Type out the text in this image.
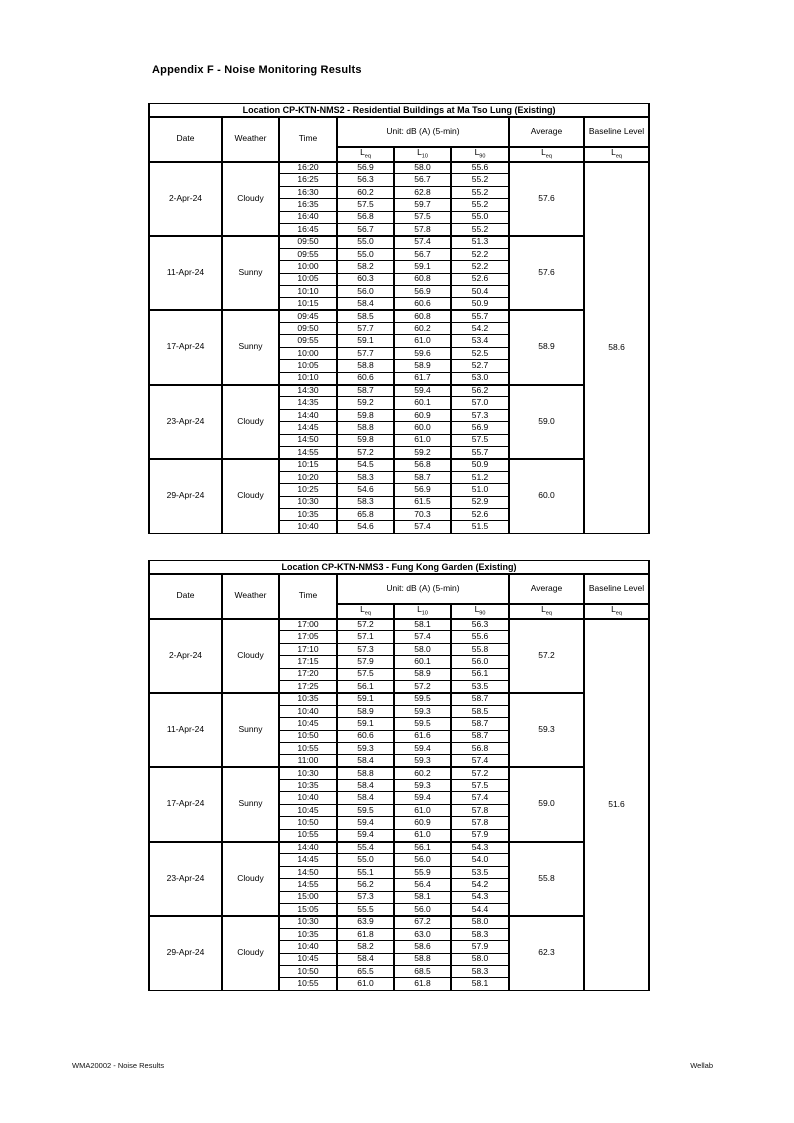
Appendix F - Noise Monitoring Results
Location CP-KTN-NMS2 - Residential Buildings at Ma Tso Lung (Existing)							
Date	Weather	Time	Unit: dB (A) (5-min)			Average	Baseline Level
			$L_{eq}$	$L_{10}$	$L_{90}$	$L_{eq}$	$L_{eq}$
2-Apr-24	Cloudy	16:20	56.9	58.0	55.6	57.6	58.6
		16:25	56.3	56.7	55.2		
		16:30	60.2	62.8	55.2		
		16:35	57.5	59.7	55.2		
		16:40	56.8	57.5	55.0		
		16:45	56.7	57.8	55.2		
11-Apr-24	Sunny	09:50	55.0	57.4	51.3	57.6	
		09:55	55.0	56.7	52.2		
		10:00	58.2	59.1	52.2		
		10:05	60.3	60.8	52.6		
		10:10	56.0	56.9	50.4		
		10:15	58.4	60.6	50.9		
17-Apr-24	Sunny	09:45	58.5	60.8	55.7	58.9	
		09:50	57.7	60.2	54.2		
		09:55	59.1	61.0	53.4		
		10:00	57.7	59.6	52.5		
		10:05	58.8	58.9	52.7		
		10:10	60.6	61.7	53.0		
23-Apr-24	Cloudy	14:30	58.7	59.4	56.2	59.0	
		14:35	59.2	60.1	57.0		
		14:40	59.8	60.9	57.3		
		14:45	58.8	60.0	56.9		
		14:50	59.8	61.0	57.5		
		14:55	57.2	59.2	55.7		
29-Apr-24	Cloudy	10:15	54.5	56.8	50.9	60.0	
		10:20	58.3	58.7	51.2		
		10:25	54.6	56.9	51.0		
		10:30	58.3	61.5	52.9		
		10:35	65.8	70.3	52.6		
		10:40	54.6	57.4	51.5		
Location CP-KTN-NMS3 - Fung Kong Garden (Existing)							
Date	Weather	Time	Unit: dB (A) (5-min)			Average	Baseline Level
			$L_{eq}$	$L_{10}$	$L_{90}$	$L_{eq}$	$L_{eq}$
2-Apr-24	Cloudy	17:00	57.2	58.1	56.3	57.2	51.6
		17:05	57.1	57.4	55.6		
		17:10	57.3	58.0	55.8		
		17:15	57.9	60.1	56.0		
		17:20	57.5	58.9	56.1		
		17:25	56.1	57.2	53.5		
11-Apr-24	Sunny	10:35	59.1	59.5	58.7	59.3	
		10:40	58.9	59.3	58.5		
		10:45	59.1	59.5	58.7		
		10:50	60.6	61.6	58.7		
		10:55	59.3	59.4	56.8		
		11:00	58.4	59.3	57.4		
17-Apr-24	Sunny	10:30	58.8	60.2	57.2	59.0	
		10:35	58.4	59.3	57.5		
		10:40	58.4	59.4	57.4		
		10:45	59.5	61.0	57.8		
		10:50	59.4	60.9	57.8		
		10:55	59.4	61.0	57.9		
23-Apr-24	Cloudy	14:40	55.4	56.1	54.3	55.8	
		14:45	55.0	56.0	54.0		
		14:50	55.1	55.9	53.5		
		14:55	56.2	56.4	54.2		
		15:00	57.3	58.1	54.3		
		15:05	55.5	56.0	54.4		
29-Apr-24	Cloudy	10:30	63.9	67.2	58.0	62.3	
		10:35	61.8	63.0	58.3		
		10:40	58.2	58.6	57.9		
		10:45	58.4	58.8	58.0		
		10:50	65.5	68.5	58.3		
		10:55	61.0	61.8	58.1		
WMA20002 - Noise Results	Wellab
